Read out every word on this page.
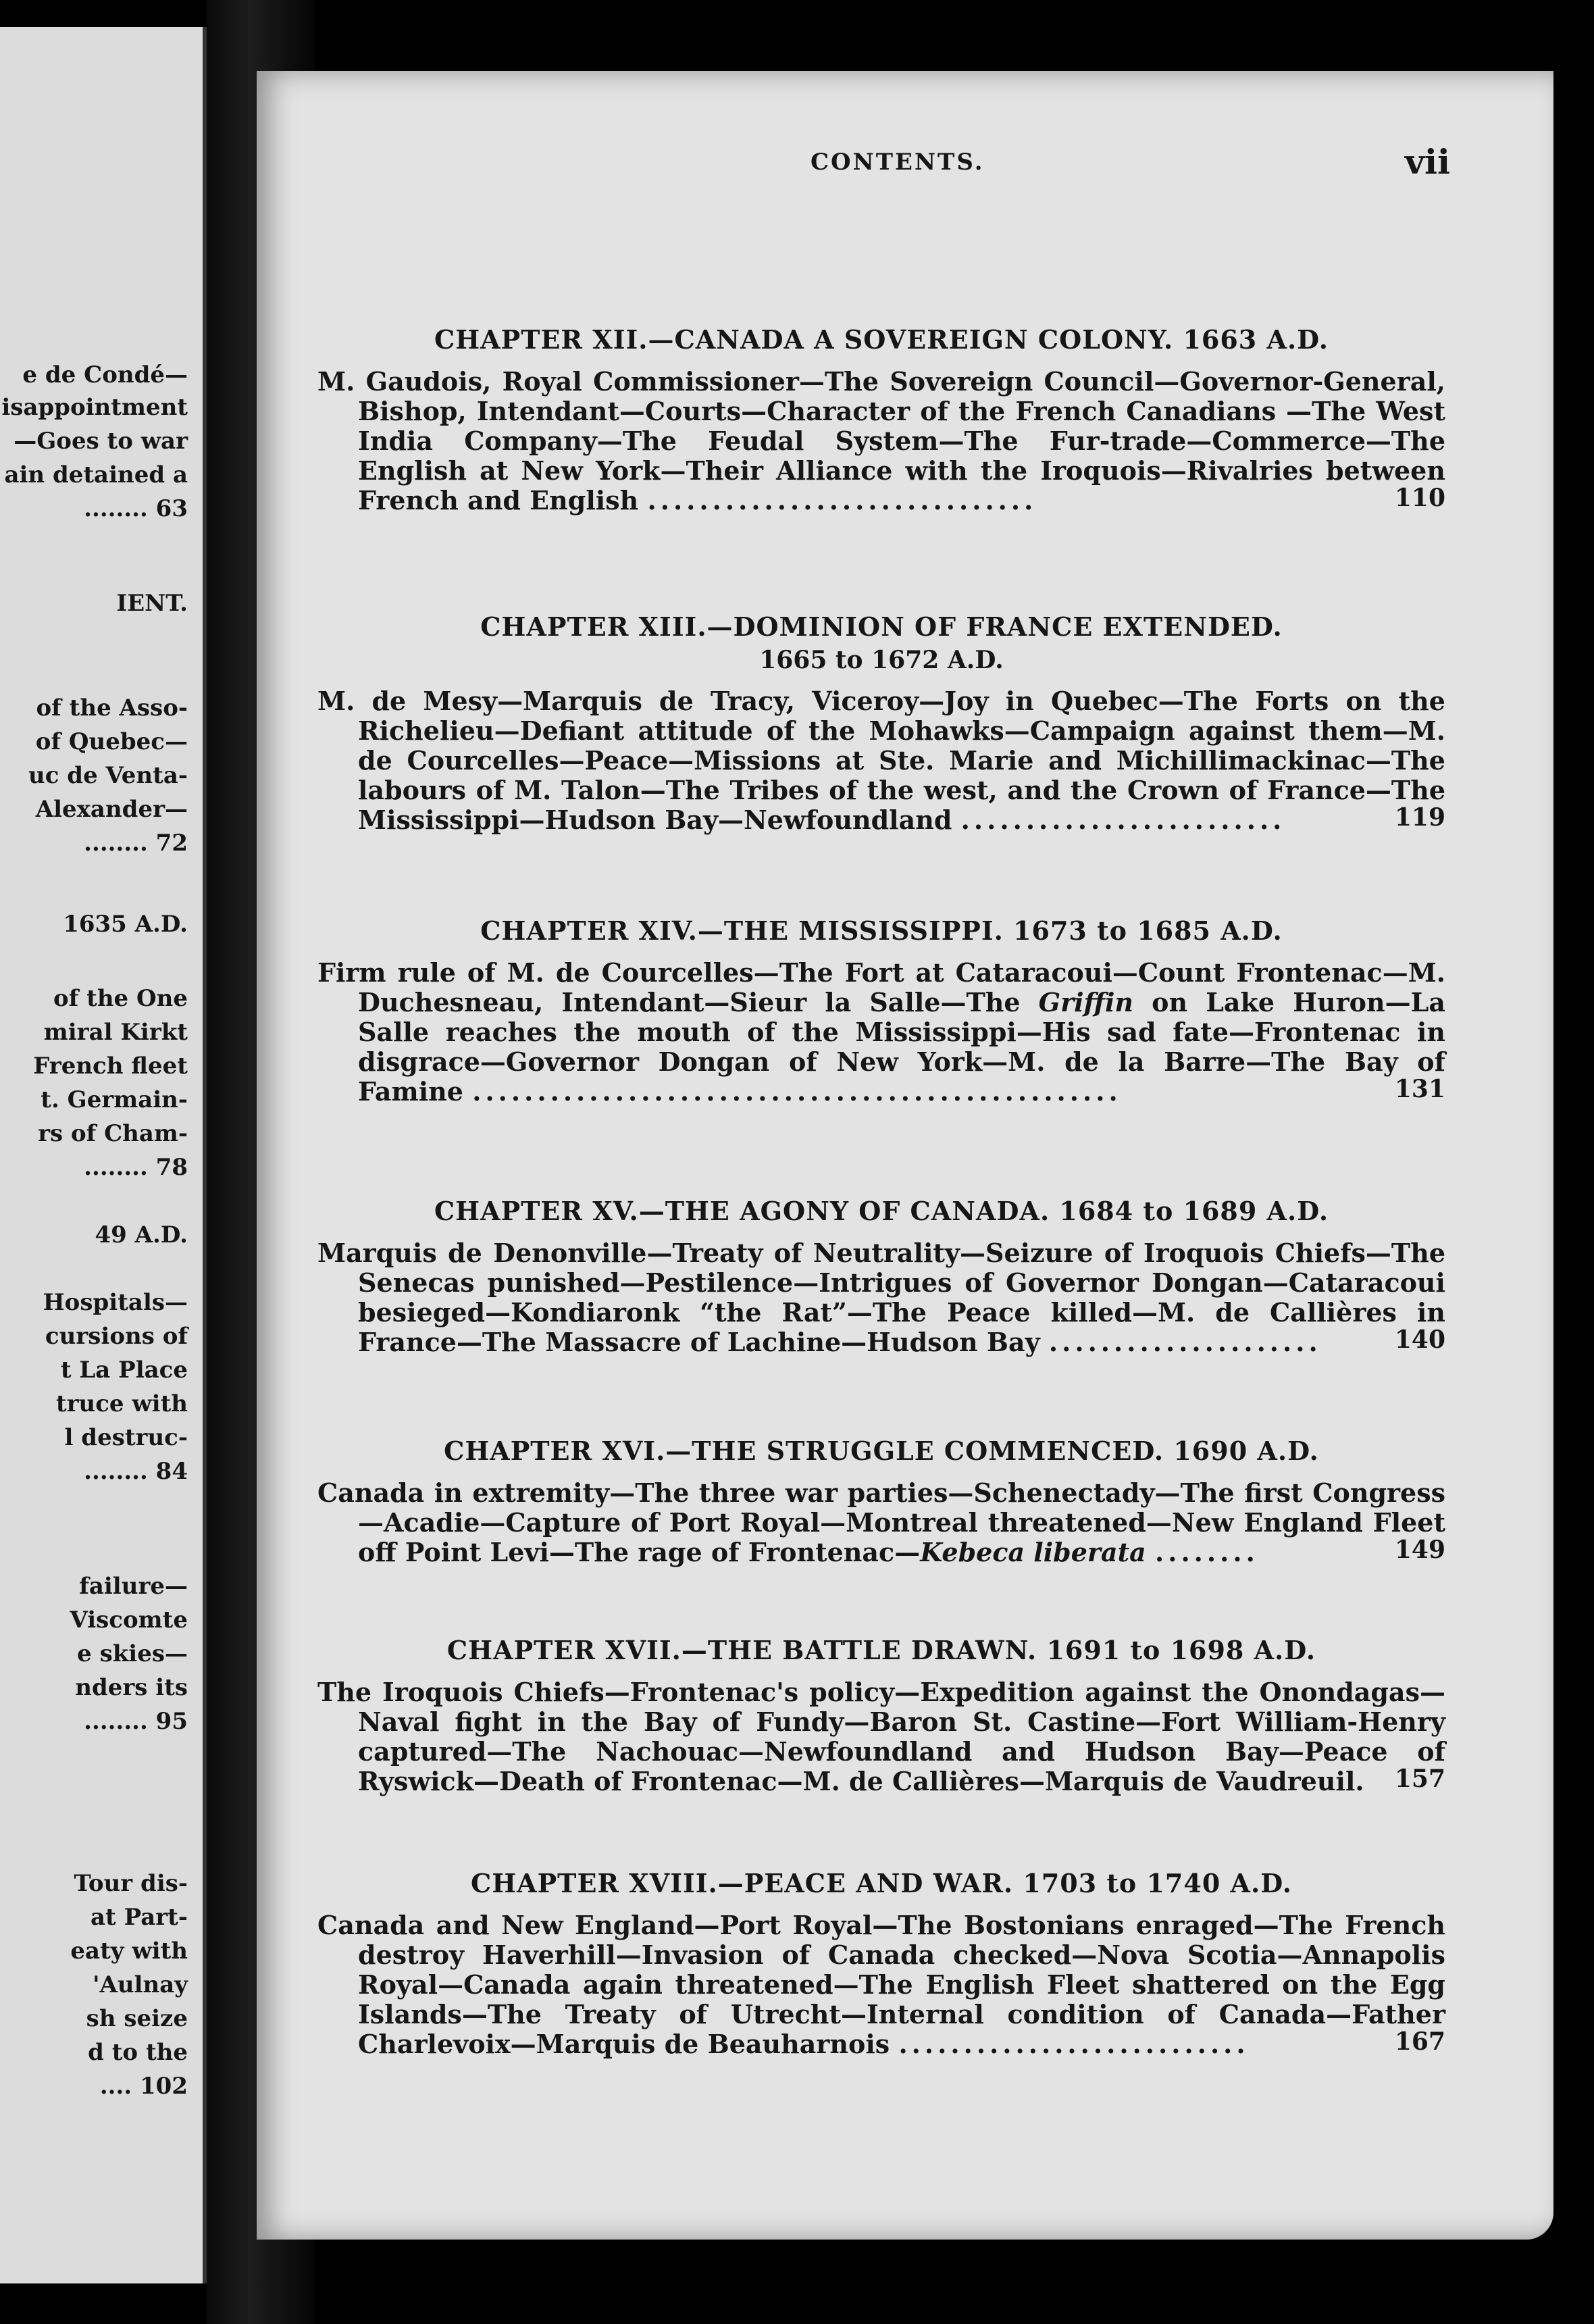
e de Condé—
isappointment
—Goes to war
ain detained a
........ 63
IENT.
of the Asso-
of Quebec—
uc de Venta-
Alexander—
........ 72
1635 A.D.
of the One
miral Kirkt
French fleet
t. Germain-
rs of Cham-
........ 78
49 A.D.
Hospitals—
cursions of
t La Place
truce with
l destruc-
........ 84
failure—
Viscomte
e skies—
nders its
........ 95
Tour dis-
at Part-
eaty with
'Aulnay
sh seize
d to the
.... 102
CONTENTS.	vii
CHAPTER XII.—CANADA A SOVEREIGN COLONY. 1663 A.D.
M. Gaudois, Royal Commissioner—The Sovereign Council—Governor-General, Bishop, Intendant—Courts—Character of the French Canadians —The West India Company—The Feudal System—The Fur-trade—Commerce—The English at New York—Their Alliance with the Iroquois—Rivalries between French and English ..............................	110
CHAPTER XIII.—DOMINION OF FRANCE EXTENDED.
1665 to 1672 A.D.
M. de Mesy—Marquis de Tracy, Viceroy—Joy in Quebec—The Forts on the Richelieu—Defiant attitude of the Mohawks—Campaign against them—M. de Courcelles—Peace—Missions at Ste. Marie and Michillimackinac—The labours of M. Talon—The Tribes of the west, and the Crown of France—The Mississippi—Hudson Bay—Newfoundland .........................	119
CHAPTER XIV.—THE MISSISSIPPI. 1673 to 1685 A.D.
Firm rule of M. de Courcelles—The Fort at Cataracoui—Count Frontenac—M. Duchesneau, Intendant—Sieur la Salle—The Griffin on Lake Huron—La Salle reaches the mouth of the Mississippi—His sad fate—Frontenac in disgrace—Governor Dongan of New York—M. de la Barre—The Bay of Famine ..................................................	131
CHAPTER XV.—THE AGONY OF CANADA. 1684 to 1689 A.D.
Marquis de Denonville—Treaty of Neutrality—Seizure of Iroquois Chiefs—The Senecas punished—Pestilence—Intrigues of Governor Dongan—Cataracoui besieged—Kondiaronk “the Rat”—The Peace killed—M. de Callières in France—The Massacre of Lachine—Hudson Bay .....................	140
CHAPTER XVI.—THE STRUGGLE COMMENCED. 1690 A.D.
Canada in extremity—The three war parties—Schenectady—The first Congress—Acadie—Capture of Port Royal—Montreal threatened—New England Fleet off Point Levi—The rage of Frontenac—Kebeca liberata ........	149
CHAPTER XVII.—THE BATTLE DRAWN. 1691 to 1698 A.D.
The Iroquois Chiefs—Frontenac's policy—Expedition against the Onondagas—Naval fight in the Bay of Fundy—Baron St. Castine—Fort William-Henry captured—The Nachouac—Newfoundland and Hudson Bay—Peace of Ryswick—Death of Frontenac—M. de Callières—Marquis de Vaudreuil. 157
CHAPTER XVIII.—PEACE AND WAR. 1703 to 1740 A.D.
Canada and New England—Port Royal—The Bostonians enraged—The French destroy Haverhill—Invasion of Canada checked—Nova Scotia—Annapolis Royal—Canada again threatened—The English Fleet shattered on the Egg Islands—The Treaty of Utrecht—Internal condition of Canada—Father Charlevoix—Marquis de Beauharnois ...........................	167
